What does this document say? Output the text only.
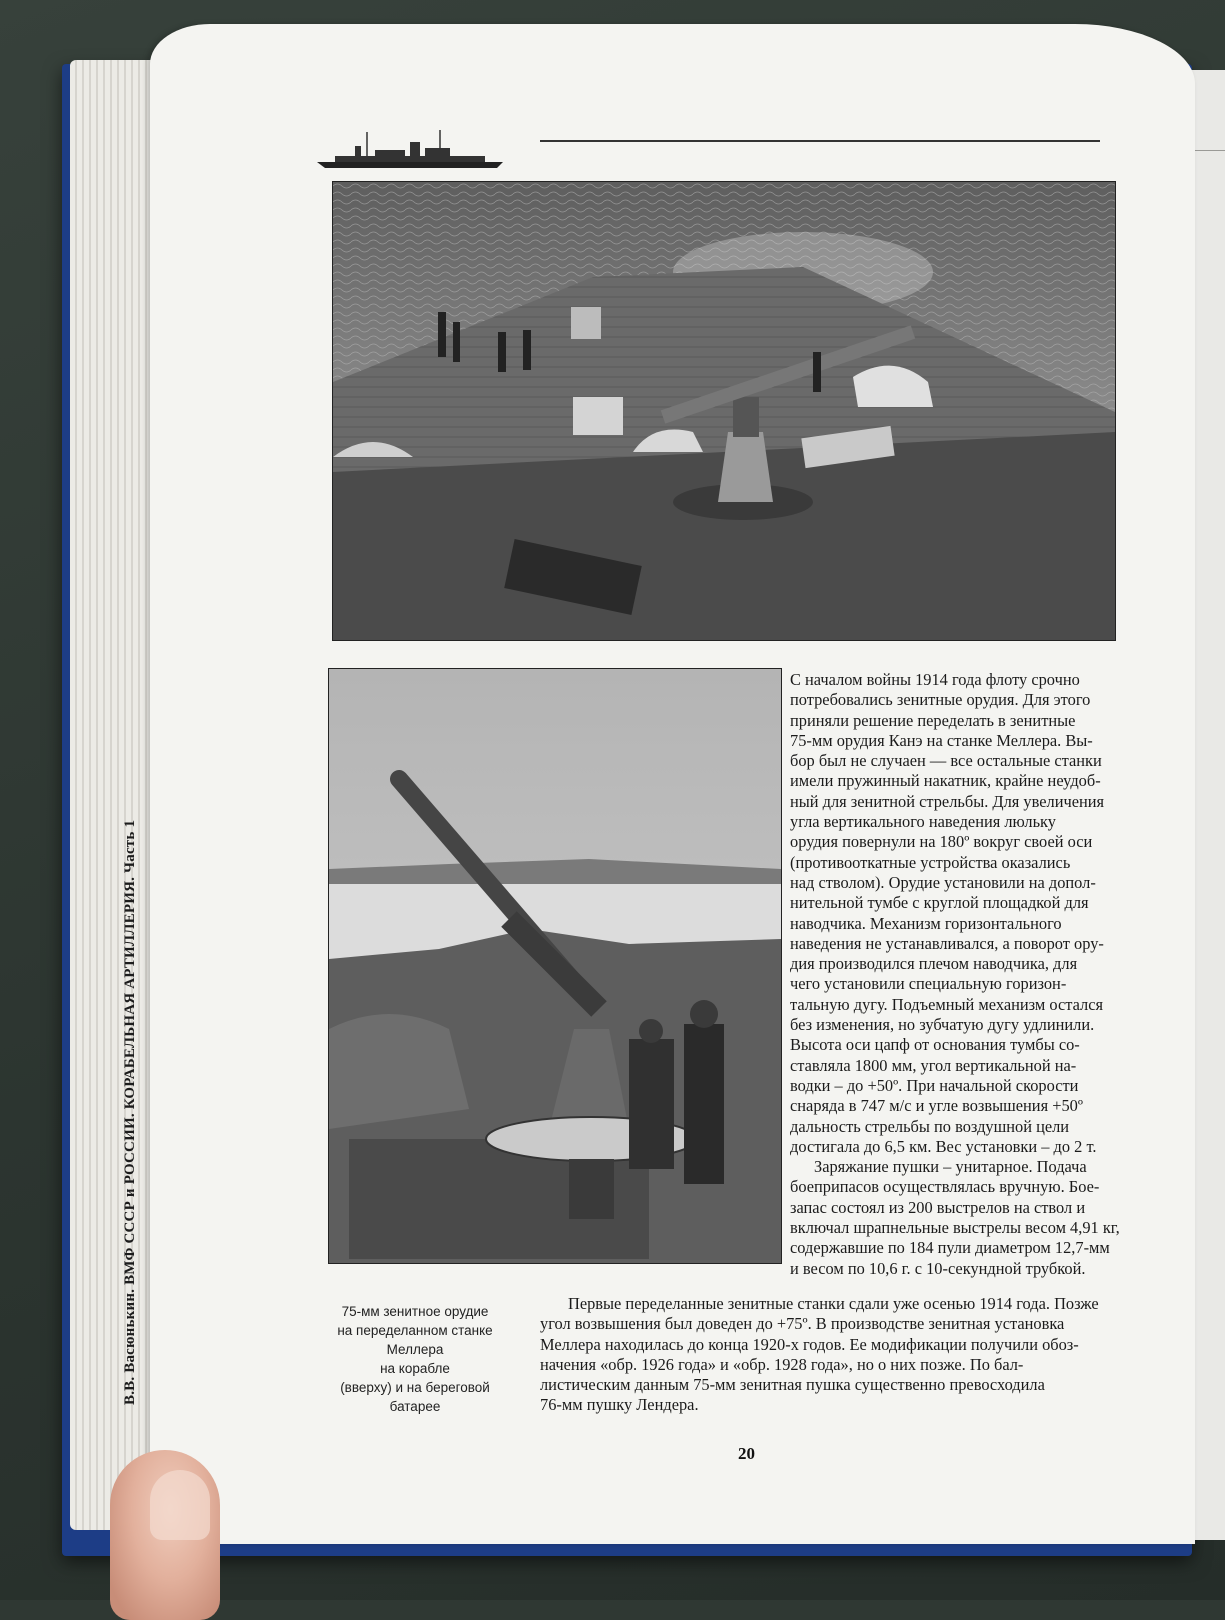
75-мм зенитное орудие
на переделанном станке
Меллера
на корабле
(вверху) и на береговой
батарее
С началом войны 1914 года флоту срочно
потребовались зенитные орудия. Для этого
приняли решение переделать в зенитные
75-мм орудия Канэ на станке Меллера. Вы-
бор был не случаен — все остальные станки
имели пружинный накатник, крайне неудоб-
ный для зенитной стрельбы. Для увеличения
угла вертикального наведения люльку
орудия повернули на 180º вокруг своей оси
(противооткатные устройства оказались
над стволом). Орудие установили на допол-
нительной тумбе с круглой площадкой для
наводчика. Механизм горизонтального
наведения не устанавливался, а поворот ору-
дия производился плечом наводчика, для
чего установили специальную горизон-
тальную дугу. Подъемный механизм остался
без изменения, но зубчатую дугу удлинили.
Высота оси цапф от основания тумбы со-
ставляла 1800 мм, угол вертикальной на-
водки – до +50º. При начальной скорости
снаряда в 747 м/с и угле возвышения +50º
дальность стрельбы по воздушной цели
достигала до 6,5 км. Вес установки – до 2 т.
Заряжание пушки – унитарное. Подача
боеприпасов осуществлялась вручную. Бое-
запас состоял из 200 выстрелов на ствол и
включал шрапнельные выстрелы весом 4,91 кг,
содержавшие по 184 пули диаметром 12,7-мм
и весом по 10,6 г. с 10-секундной трубкой.
Первые переделанные зенитные станки сдали уже осенью 1914 года. Позже
угол возвышения был доведен до +75º. В производстве зенитная установка
Меллера находилась до конца 1920-х годов. Ее модификации получили обоз-
начения «обр. 1926 года» и «обр. 1928 года», но о них позже. По бал-
листическим данным 75-мм зенитная пушка существенно превосходила
76-мм пушку Лендера.
20
В.В. Васюнькин. ВМФ СССР и РОССИИ. КОРАБЕЛЬНАЯ АРТИЛЛЕРИЯ. Часть 1
